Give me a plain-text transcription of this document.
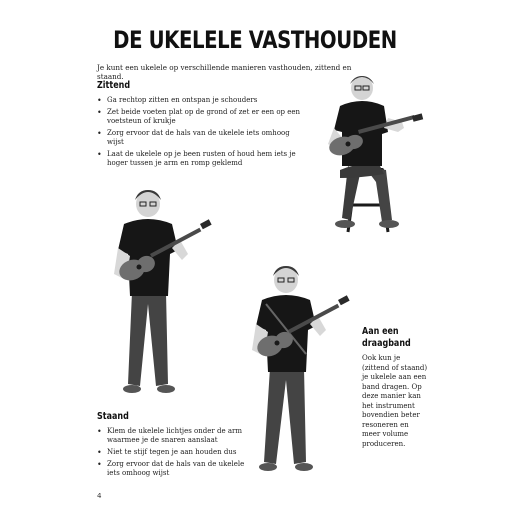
DE UKELELE VASTHOUDEN
Je kunt een ukelele op verschillende manieren vasthouden, zittend en staand.
Zittend
• Ga rechtop zitten en ontspan je schouders
• Zet beide voeten plat op de grond of zet er een op een voetsteun of krukje
• Zorg ervoor dat de hals van de ukelele iets omhoog wijst
• Laat de ukelele op je been rusten of houd hem iets je hoger tussen je arm en romp geklemd
Aan een draagband
Ook kun je (zittend of staand) je ukelele aan een band dragen. Op deze manier kan het instrument bovendien beter resoneren en meer volume produceren.
Staand
• Klem de ukelele lichtjes onder de arm waarmee je de snaren aanslaat
• Niet te stijf tegen je aan houden dus
• Zorg ervoor dat de hals van de ukelele iets omhoog wijst
4
